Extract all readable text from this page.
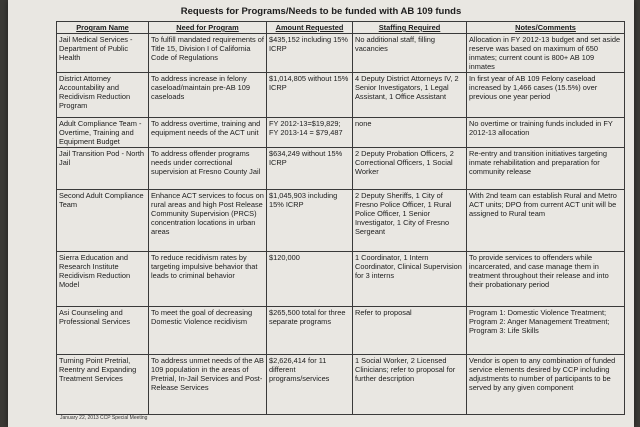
Requests for Programs/Needs to be funded with AB 109 funds
Program Name	Need for Program	Amount Requested	Staffing Required	Notes/Comments
Jail Medical Services - Department of Public Health	To fulfill mandated requirements of Title 15, Division I of California Code of Regulations	$435,152 including 15% ICRP	No additional staff, filling vacancies	Allocation in FY 2012-13 budget and set aside reserve was based on maximum of 650 inmates; current count is 800+ AB 109 inmates
District Attorney Accountability and Recidivism Reduction Program	To address increase in felony caseload/maintain pre-AB 109 caseloads	$1,014,805 without 15% ICRP	4 Deputy District Attorneys IV, 2 Senior Investigators, 1 Legal Assistant, 1 Office Assistant	In first year of AB 109 Felony caseload increased by 1,466 cases (15.5%) over previous one year period
Adult Compliance Team - Overtime, Training and Equipment Budget	To address overtime, training and equipment needs of the ACT unit	FY 2012-13=$19,829; FY 2013-14 = $79,487	none	No overtime or training funds included in FY 2012-13 allocation
Jail Transition Pod - North Jail	To address offender programs needs under correctional supervision at Fresno County Jail	$634,249 without 15% ICRP	2 Deputy Probation Officers, 2 Correctional Officers, 1 Social Worker	Re-entry and transition initiatives targeting inmate rehabilitation and preparation for community release
Second Adult Compliance Team	Enhance ACT services to focus on rural areas and high Post Release Community Supervision (PRCS) concentration locations in urban areas	$1,045,903 including 15% ICRP	2 Deputy Sheriffs, 1 City of Fresno Police Officer, 1 Rural Police Officer, 1 Senior Investigator, 1 City of Fresno Sergeant	With 2nd team can establish Rural and Metro ACT units; DPO from current ACT unit will be assigned to Rural team
Sierra Education and Research Institute Recidivism Reduction Model	To reduce recidivism rates by targeting impulsive behavior that leads to criminal behavior	$120,000	1 Coordinator, 1 Intern Coordinator, Clinical Supervision for 3 interns	To provide services to offenders while incarcerated, and case manage them in treatment throughout their release and into their probationary period
Asi Counseling and Professional Services	To meet the goal of decreasing Domestic Violence recidivism	$265,500 total for three separate programs	Refer to proposal	Program 1: Domestic Violence Treatment; Program 2: Anger Management Treatment; Program 3: Life Skills
Turning Point Pretrial, Reentry and Expanding Treatment Services	To address unmet needs of the AB 109 population in the areas of Pretrial, In-Jail Services and Post-Release Services	$2,626,414 for 11 different programs/services	1 Social Worker, 2 Licensed Clinicians; refer to proposal for further description	Vendor is open to any combination of funded service elements desired by CCP including adjustments to number of participants to be served by any given component
January 22, 2013 CCP Special Meeting
